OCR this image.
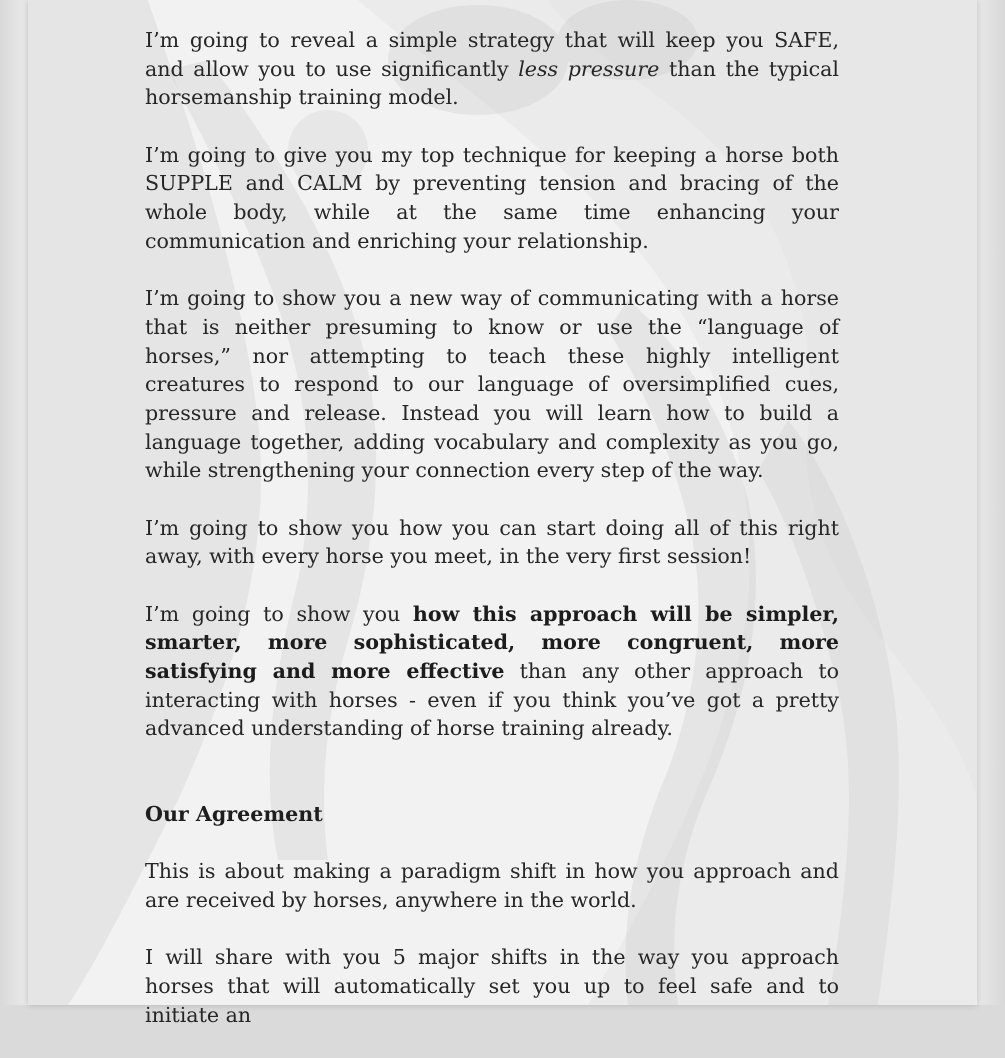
I’m going to reveal a simple strategy that will keep you SAFE, and allow you to use significantly less pressure than the typical horsemanship training model.

I’m going to give you my top technique for keeping a horse both SUPPLE and CALM by preventing tension and bracing of the whole body, while at the same time enhancing your communication and enriching your relationship.

I’m going to show you a new way of communicating with a horse that is neither presuming to know or use the “language of horses,” nor attempting to teach these highly intelligent creatures to respond to our language of oversimplified cues, pressure and release. Instead you will learn how to build a language together, adding vocabulary and complexity as you go, while strengthening your connection every step of the way.

I’m going to show you how you can start doing all of this right away, with every horse you meet, in the very first session!

I’m going to show you how this approach will be simpler, smarter, more sophisticated, more congruent, more satisfying and more effective than any other approach to interacting with horses - even if you think you’ve got a pretty advanced understanding of horse training already.

Our Agreement

This is about making a paradigm shift in how you approach and are received by horses, anywhere in the world.

I will share with you 5 major shifts in the way you approach horses that will automatically set you up to feel safe and to initiate an
